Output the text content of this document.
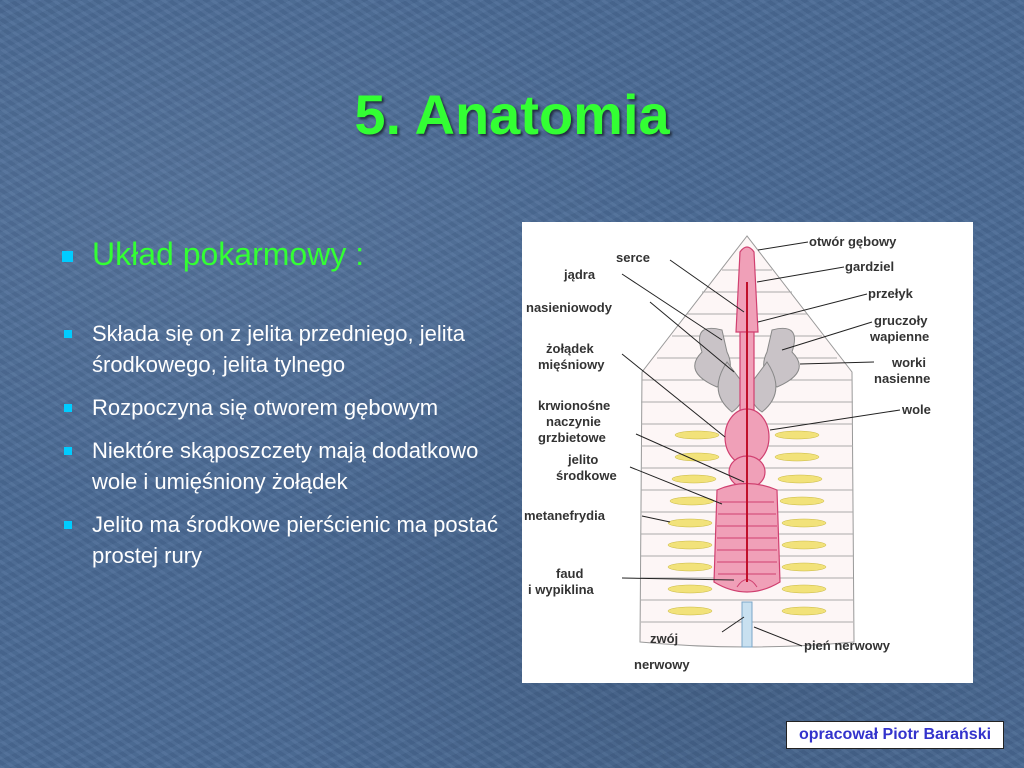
5. Anatomia
Układ pokarmowy :
Składa się on z jelita przedniego, jelita środkowego, jelita tylnego
Rozpoczyna się otworem gębowym
Niektóre skąposzczety mają dodatkowo wole i umięśniony żołądek
Jelito ma środkowe pierścienic ma postać prostej rury
otwór gębowy
gardziel
przełyk
gruczoły
wapienne
worki
nasienne
wole
serce
jądra
nasieniowody
żołądek
mięśniowy
krwionośne
naczynie
grzbietowe
jelito
środkowe
metanefrydia
faud
i wypiklina
zwój
nerwowy
pień nerwowy
opracował Piotr Barański
